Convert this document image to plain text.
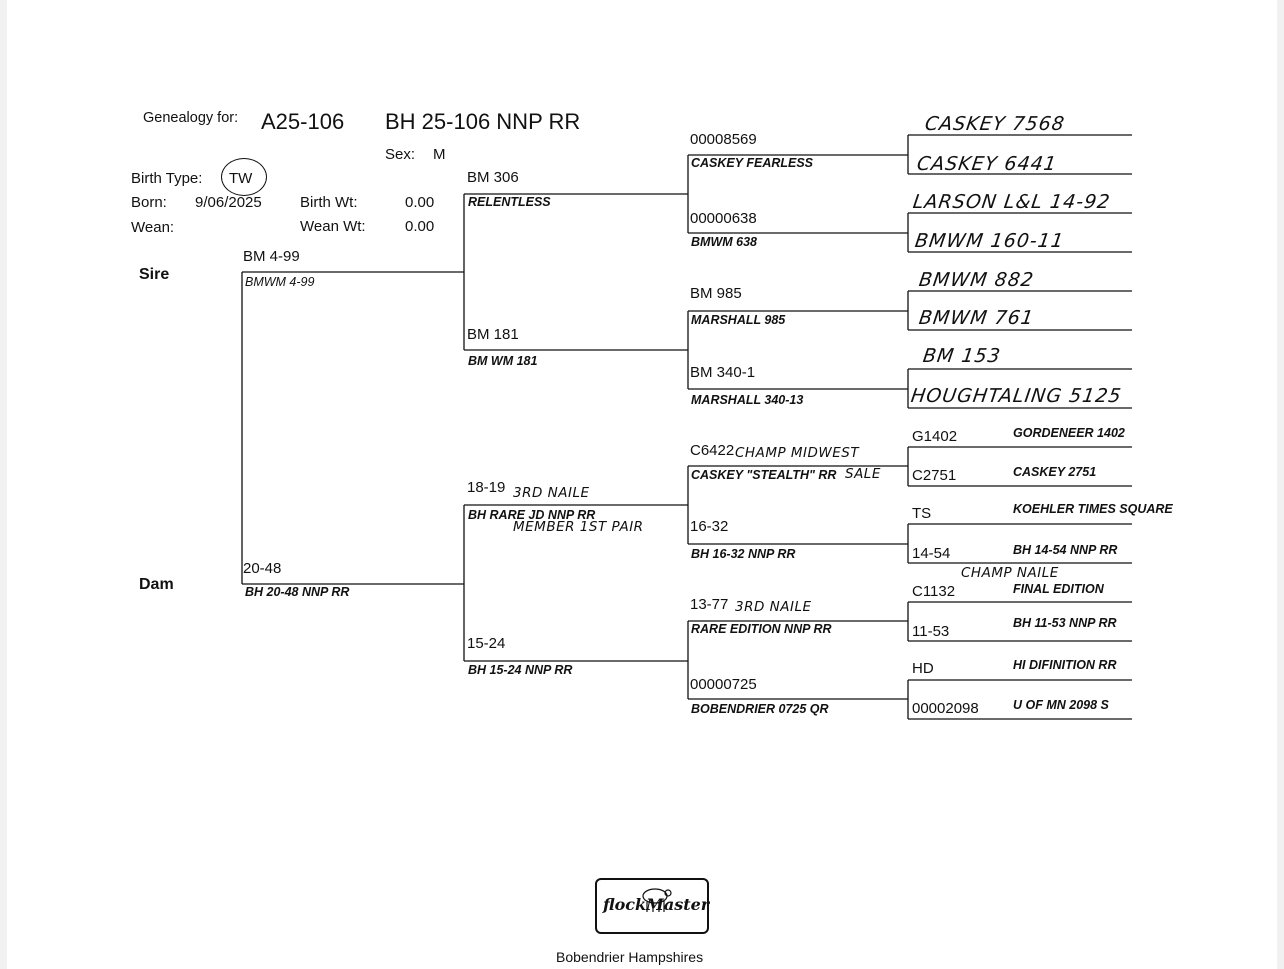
Genealogy for: A25-106 BH 25-106 NNP RR
Sex: M
Birth Type: TW
Born: 9/06/2025	Birth Wt:	0.00
Wean:	Wean Wt:	0.00
Sire
Dam
BM 4-99
BMWM 4-99
20-48
BH 20-48 NNP RR
BM 306
RELENTLESS
BM 181
BM WM 181
18-19 3RD NAILE
BH RARE JD NNP RR
MEMBER 1ST PAIR
15-24
BH 15-24 NNP RR
00008569
CASKEY FEARLESS
00000638
BMWM 638
BM 985
MARSHALL 985
BM 340-1
MARSHALL 340-13
C6422 CHAMP MIDWEST
CASKEY "STEALTH" RR SALE
16-32
BH 16-32 NNP RR
13-77 3RD NAILE
RARE EDITION NNP RR
00000725
BOBENDRIER 0725 QR
CASKEY 7568
CASKEY 6441
LARSON L&L 14-92
BMWM 160-11
BMWM 882
BMWM 761
BM 153
HOUGHTALING 5125
G1402	GORDENEER 1402
C2751	CASKEY 2751
TS	KOEHLER TIMES SQUARE
14-54	BH 14-54 NNP RR
CHAMP NAILE
C1132	FINAL EDITION
11-53	BH 11-53 NNP RR
HD	HI DIFINITION RR
00002098	U OF MN 2098 S
flockMaster
Bobendrier Hampshires
